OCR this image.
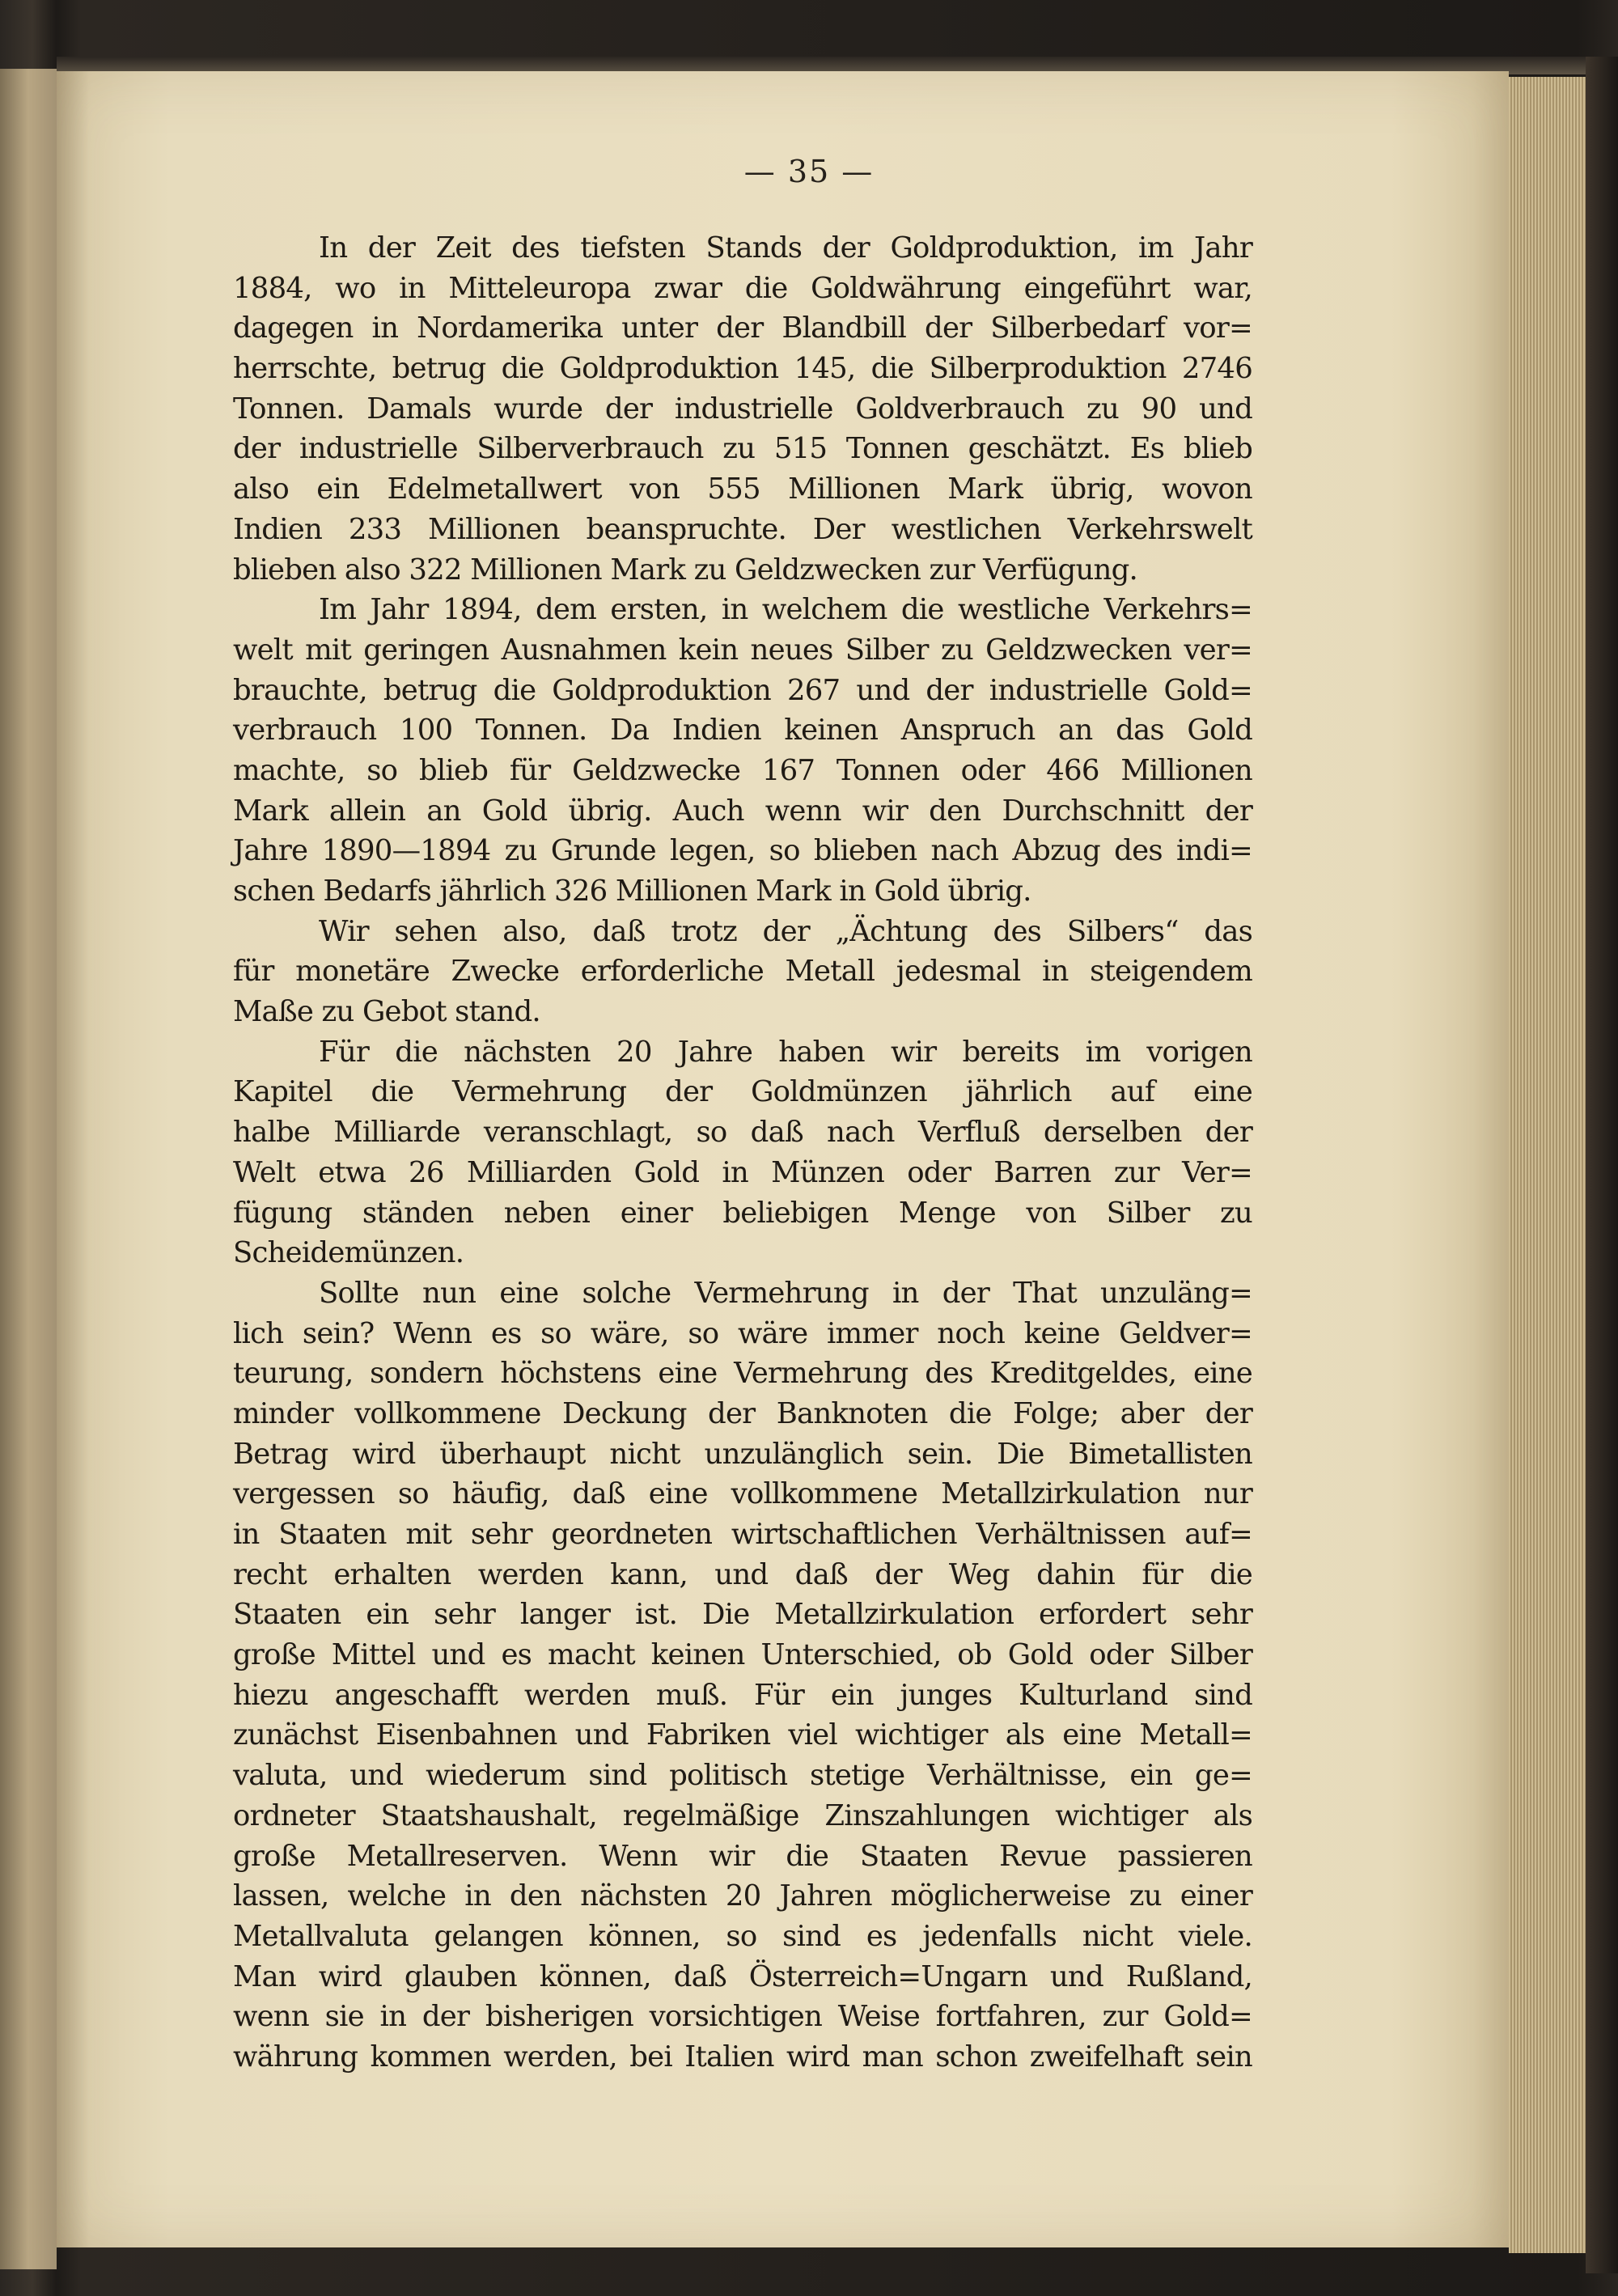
— 35 —
In der Zeit des tiefsten Stands der Goldproduktion, im Jahr
1884, wo in Mitteleuropa zwar die Goldwährung eingeführt war,
dagegen in Nordamerika unter der Blandbill der Silberbedarf vor=
herrschte, betrug die Goldproduktion 145, die Silberproduktion 2746
Tonnen. Damals wurde der industrielle Goldverbrauch zu 90 und
der industrielle Silberverbrauch zu 515 Tonnen geschätzt. Es blieb
also ein Edelmetallwert von 555 Millionen Mark übrig, wovon
Indien 233 Millionen beanspruchte. Der westlichen Verkehrswelt
blieben also 322 Millionen Mark zu Geldzwecken zur Verfügung.
Im Jahr 1894, dem ersten, in welchem die westliche Verkehrs=
welt mit geringen Ausnahmen kein neues Silber zu Geldzwecken ver=
brauchte, betrug die Goldproduktion 267 und der industrielle Gold=
verbrauch 100 Tonnen. Da Indien keinen Anspruch an das Gold
machte, so blieb für Geldzwecke 167 Tonnen oder 466 Millionen
Mark allein an Gold übrig. Auch wenn wir den Durchschnitt der
Jahre 1890—1894 zu Grunde legen, so blieben nach Abzug des indi=
schen Bedarfs jährlich 326 Millionen Mark in Gold übrig.
Wir sehen also, daß trotz der „Ächtung des Silbers“ das
für monetäre Zwecke erforderliche Metall jedesmal in steigendem
Maße zu Gebot stand.
Für die nächsten 20 Jahre haben wir bereits im vorigen
Kapitel die Vermehrung der Goldmünzen jährlich auf eine
halbe Milliarde veranschlagt, so daß nach Verfluß derselben der
Welt etwa 26 Milliarden Gold in Münzen oder Barren zur Ver=
fügung ständen neben einer beliebigen Menge von Silber zu
Scheidemünzen.
Sollte nun eine solche Vermehrung in der That unzuläng=
lich sein? Wenn es so wäre, so wäre immer noch keine Geldver=
teurung, sondern höchstens eine Vermehrung des Kreditgeldes, eine
minder vollkommene Deckung der Banknoten die Folge; aber der
Betrag wird überhaupt nicht unzulänglich sein. Die Bimetallisten
vergessen so häufig, daß eine vollkommene Metallzirkulation nur
in Staaten mit sehr geordneten wirtschaftlichen Verhältnissen auf=
recht erhalten werden kann, und daß der Weg dahin für die
Staaten ein sehr langer ist. Die Metallzirkulation erfordert sehr
große Mittel und es macht keinen Unterschied, ob Gold oder Silber
hiezu angeschafft werden muß. Für ein junges Kulturland sind
zunächst Eisenbahnen und Fabriken viel wichtiger als eine Metall=
valuta, und wiederum sind politisch stetige Verhältnisse, ein ge=
ordneter Staatshaushalt, regelmäßige Zinszahlungen wichtiger als
große Metallreserven. Wenn wir die Staaten Revue passieren
lassen, welche in den nächsten 20 Jahren möglicherweise zu einer
Metallvaluta gelangen können, so sind es jedenfalls nicht viele.
Man wird glauben können, daß Österreich=Ungarn und Rußland,
wenn sie in der bisherigen vorsichtigen Weise fortfahren, zur Gold=
währung kommen werden, bei Italien wird man schon zweifelhaft sein
